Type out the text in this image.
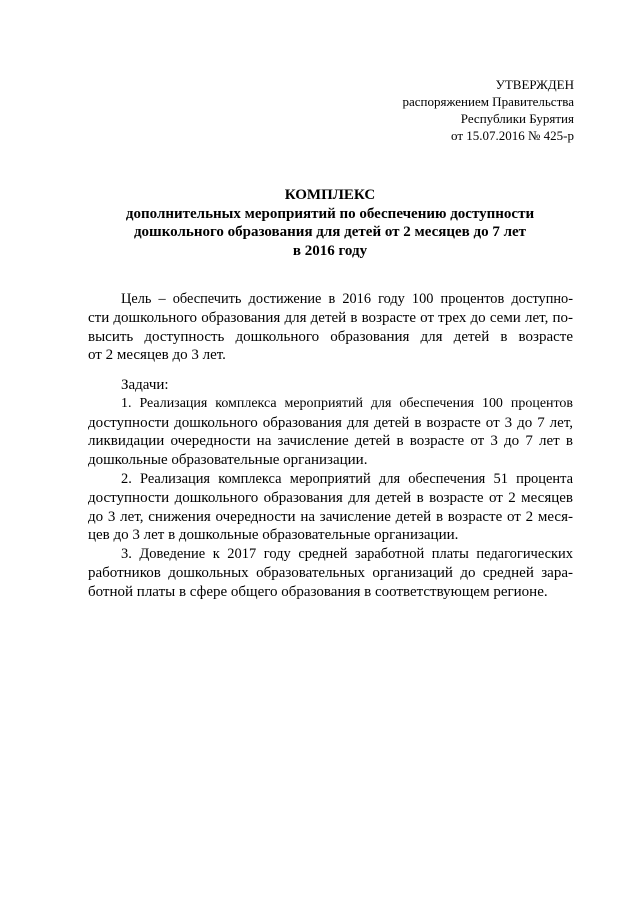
УТВЕРЖДЕН
распоряжением Правительства
Республики Бурятия
от 15.07.2016 № 425-р
КОМПЛЕКС
дополнительных мероприятий по обеспечению доступности
дошкольного образования для детей от 2 месяцев до 7 лет
в 2016 году

Цель – обеспечить достижение в 2016 году 100 процентов доступно-
сти дошкольного образования для детей в возрасте от трех до семи лет, по-
высить доступность дошкольного образования для детей в возрасте
от 2 месяцев до 3 лет.

Задачи:

1. Реализация комплекса мероприятий для обеспечения 100 процентов
доступности дошкольного образования для детей в возрасте от 3 до 7 лет,
ликвидации очередности на зачисление детей в возрасте от 3 до 7 лет в
дошкольные образовательные организации.

2. Реализация комплекса мероприятий для обеспечения 51 процента
доступности дошкольного образования для детей в возрасте от 2 месяцев
до 3 лет, снижения очередности на зачисление детей в возрасте от 2 меся-
цев до 3 лет в дошкольные образовательные организации.

3. Доведение к 2017 году средней заработной платы педагогических
работников дошкольных образовательных организаций до средней зара-
ботной платы в сфере общего образования в соответствующем регионе.
